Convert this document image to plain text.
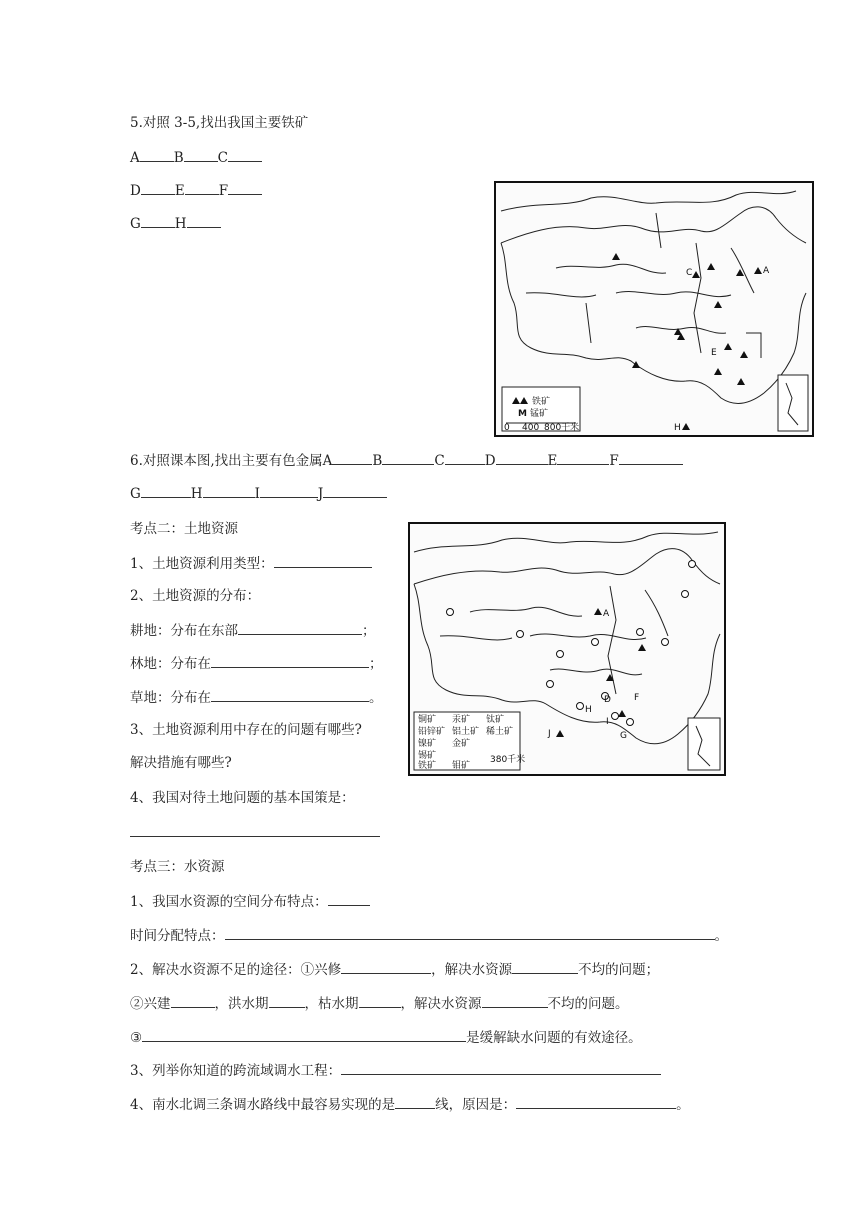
5.对照 3-5,找出我国主要铁矿
A	B	C
D	E	F
G	H
C
E
H
A
铁矿
M 锰矿
0 400 800千米
6.对照课本图,找出主要有色金属A	B	C	D	E	F
G	H	I	J
考点二：土地资源
1、土地资源利用类型：
2、土地资源的分布：
耕地：分布在东部	；
林地：分布在	；
草地：分布在	。
3、土地资源利用中存在的问题有哪些?
解决措施有哪些?
4、我国对待土地问题的基本国策是：
A
D	F
H
J
I
G
铜矿 汞矿 钛矿
铅锌矿 铝土矿 稀土矿
镍矿 金矿
锡矿
铁矿 钼矿
380千米
考点三：水资源
1、我国水资源的空间分布特点：
时间分配特点：	。
2、解决水资源不足的途径：①兴修	，解决水资源	不均的问题；
②兴建	，洪水期	，枯水期	，解决水资源	不均的问题。
③	是缓解缺水问题的有效途径。
3、列举你知道的跨流域调水工程：
4、南水北调三条调水路线中最容易实现的是	线，原因是：	。
